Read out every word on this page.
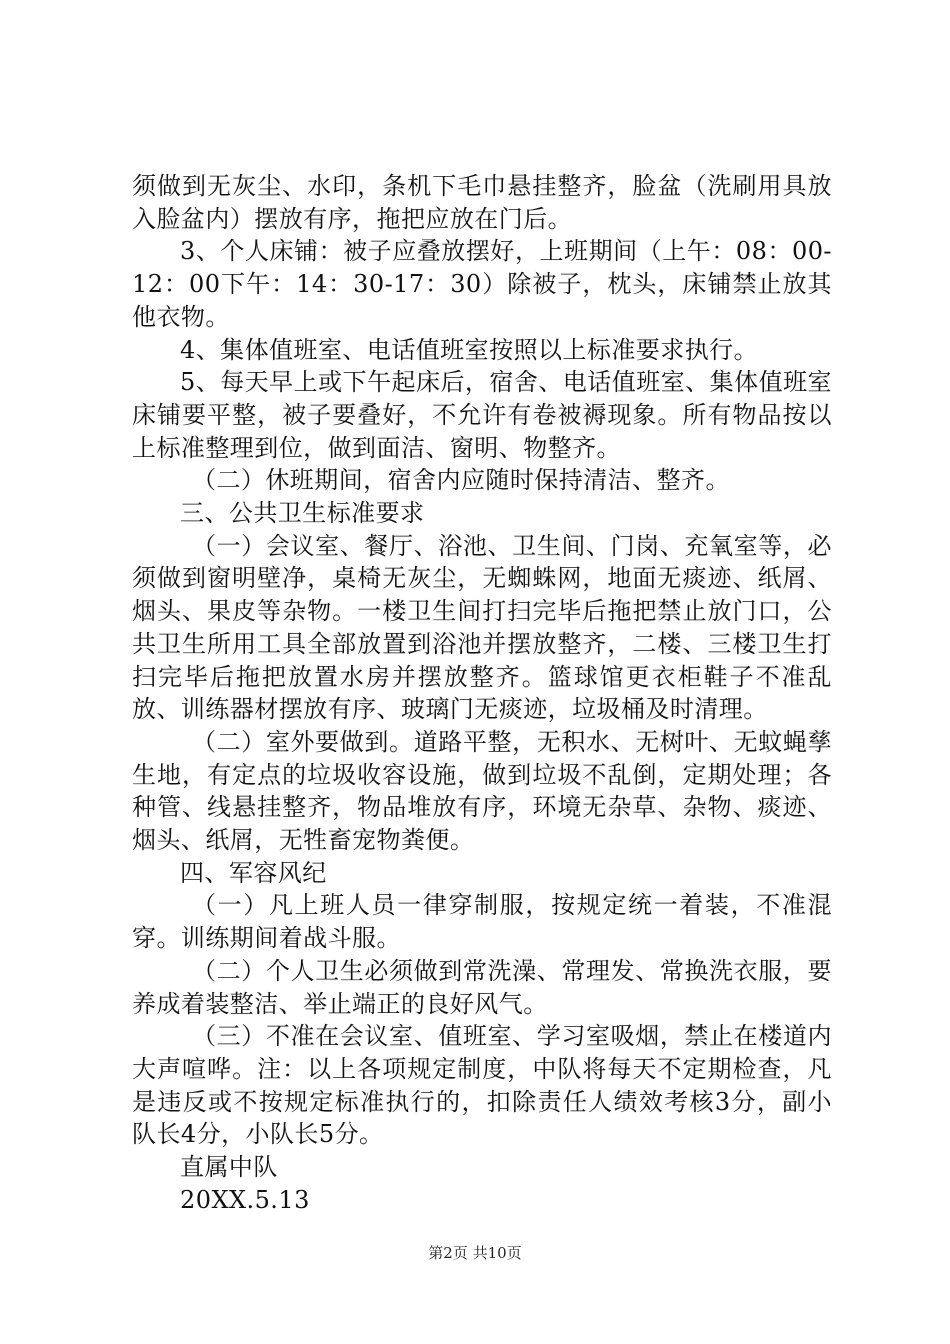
须做到无灰尘、水印，条机下毛巾悬挂整齐，脸盆（洗刷用具放入脸盆内）摆放有序，拖把应放在门后。

3、个人床铺：被子应叠放摆好，上班期间（上午：08：00-12：00下午：14：30-17：30）除被子，枕头，床铺禁止放其他衣物。

4、集体值班室、电话值班室按照以上标准要求执行。

5、每天早上或下午起床后，宿舍、电话值班室、集体值班室床铺要平整，被子要叠好，不允许有卷被褥现象。所有物品按以上标准整理到位，做到面洁、窗明、物整齐。

（二）休班期间，宿舍内应随时保持清洁、整齐。

三、公共卫生标准要求

（一）会议室、餐厅、浴池、卫生间、门岗、充氧室等，必须做到窗明壁净，桌椅无灰尘，无蜘蛛网，地面无痰迹、纸屑、烟头、果皮等杂物。一楼卫生间打扫完毕后拖把禁止放门口，公共卫生所用工具全部放置到浴池并摆放整齐，二楼、三楼卫生打扫完毕后拖把放置水房并摆放整齐。篮球馆更衣柜鞋子不准乱放、训练器材摆放有序、玻璃门无痰迹，垃圾桶及时清理。

（二）室外要做到。道路平整，无积水、无树叶、无蚊蝇孳生地，有定点的垃圾收容设施，做到垃圾不乱倒，定期处理；各种管、线悬挂整齐，物品堆放有序，环境无杂草、杂物、痰迹、烟头、纸屑，无牲畜宠物粪便。

四、军容风纪

（一）凡上班人员一律穿制服，按规定统一着装，不准混穿。训练期间着战斗服。

（二）个人卫生必须做到常洗澡、常理发、常换洗衣服，要养成着装整洁、举止端正的良好风气。

（三）不准在会议室、值班室、学习室吸烟，禁止在楼道内大声喧哗。注：以上各项规定制度，中队将每天不定期检查，凡是违反或不按规定标准执行的，扣除责任人绩效考核3分，副小队长4分，小队长5分。

直属中队

20XX.5.13

第2页 共10页
